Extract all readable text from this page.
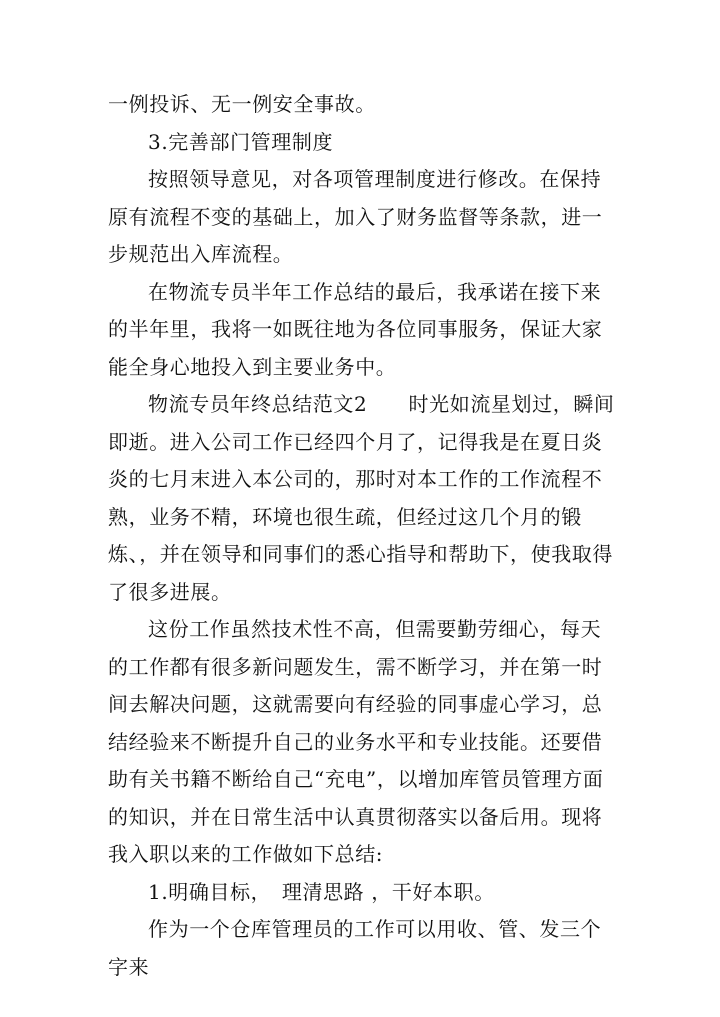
一例投诉、无一例安全事故。

3.完善部门管理制度

按照领导意见，对各项管理制度进行修改。在保持原有流程不变的基础上，加入了财务监督等条款，进一步规范出入库流程。

在物流专员半年工作总结的最后，我承诺在接下来的半年里，我将一如既往地为各位同事服务，保证大家能全身心地投入到主要业务中。

物流专员年终总结范文2　　时光如流星划过，瞬间即逝。进入公司工作已经四个月了，记得我是在夏日炎炎的七月末进入本公司的，那时对本工作的工作流程不熟，业务不精，环境也很生疏，但经过这几个月的锻炼、，并在领导和同事们的悉心指导和帮助下，使我取得了很多进展。

这份工作虽然技术性不高，但需要勤劳细心，每天的工作都有很多新问题发生，需不断学习，并在第一时间去解决问题，这就需要向有经验的同事虚心学习，总结经验来不断提升自己的业务水平和专业技能。还要借助有关书籍不断给自己“充电”，以增加库管员管理方面的知识，并在日常生活中认真贯彻落实以备后用。现将我入职以来的工作做如下总结:

1.明确目标，　理清思路 ，干好本职。

作为一个仓库管理员的工作可以用收、管、发三个字来
